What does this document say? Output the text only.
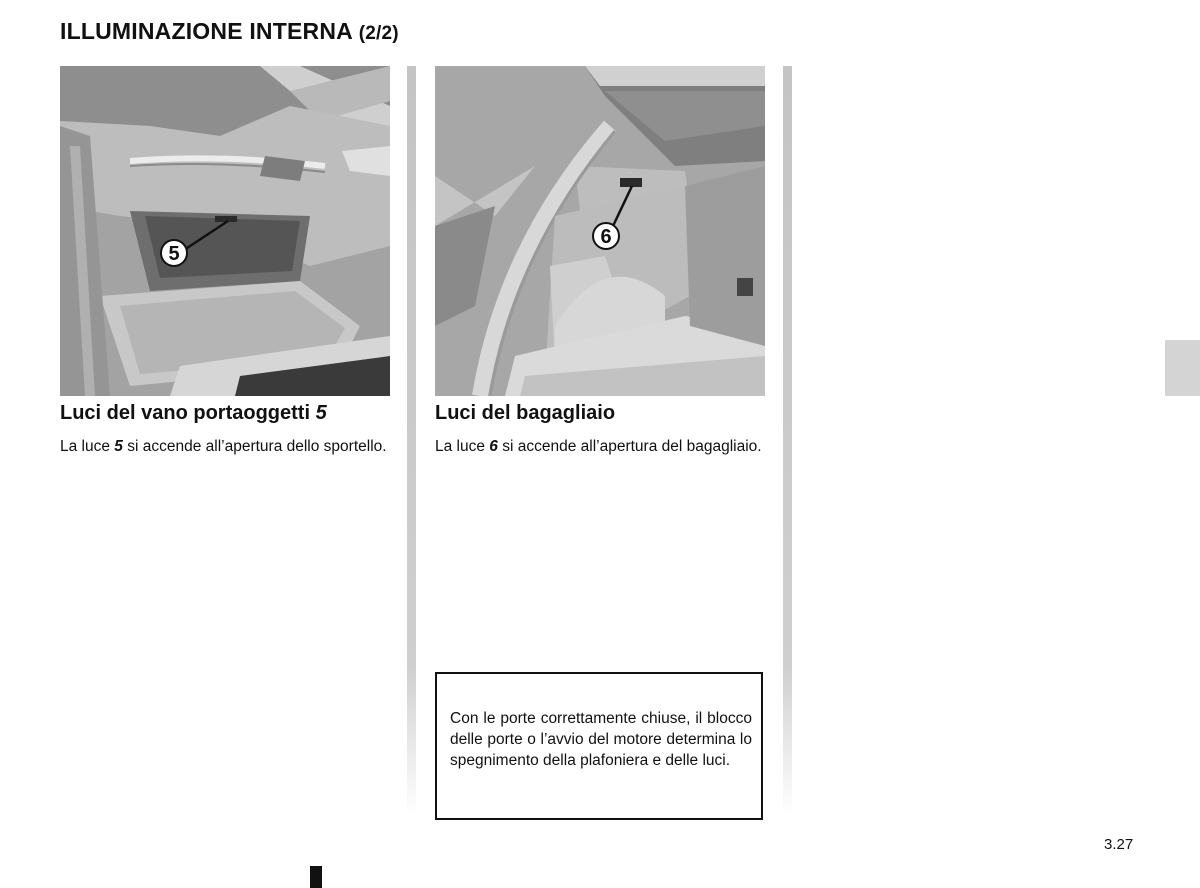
ILLUMINAZIONE INTERNA (2/2)
5
6
Luci del vano portaoggetti 5
La luce 5 si accende all’apertura dello sportello.
Luci del bagagliaio
La luce 6 si accende all’apertura del bagagliaio.

Con le porte correttamente chiuse, il blocco delle porte o l’avvio del motore determina lo spegnimento della plafoniera e delle luci.

3.27
